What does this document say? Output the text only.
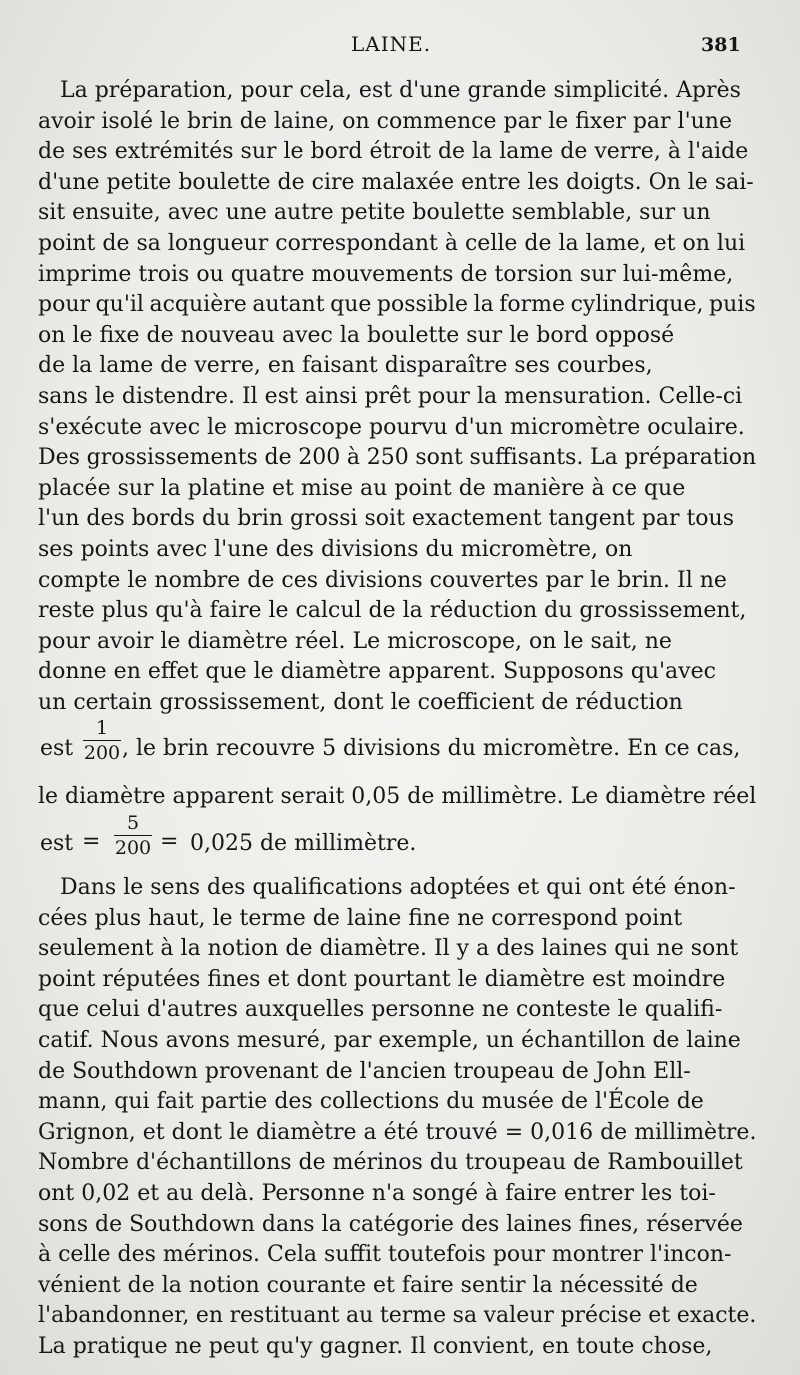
LAINE.	381
La préparation, pour cela, est d'une grande simplicité. Après
avoir isolé le brin de laine, on commence par le fixer par l'une
de ses extrémités sur le bord étroit de la lame de verre, à l'aide
d'une petite boulette de cire malaxée entre les doigts. On le sai-
sit ensuite, avec une autre petite boulette semblable, sur un
point de sa longueur correspondant à celle de la lame, et on lui
imprime trois ou quatre mouvements de torsion sur lui-même,
pour qu'il acquière autant que possible la forme cylindrique, puis
on le fixe de nouveau avec la boulette sur le bord opposé
de la lame de verre, en faisant disparaître ses courbes,
sans le distendre. Il est ainsi prêt pour la mensuration. Celle-ci
s'exécute avec le microscope pourvu d'un micromètre oculaire.
Des grossissements de 200 à 250 sont suffisants. La préparation
placée sur la platine et mise au point de manière à ce que
l'un des bords du brin grossi soit exactement tangent par tous
ses points avec l'une des divisions du micromètre, on
compte le nombre de ces divisions couvertes par le brin. Il ne
reste plus qu'à faire le calcul de la réduction du grossissement,
pour avoir le diamètre réel. Le microscope, on le sait, ne
donne en effet que le diamètre apparent. Supposons qu'avec
un certain grossissement, dont le coefficient de réduction
est
1
200 , le brin recouvre 5 divisions du micromètre. En ce cas,
le diamètre apparent serait 0,05 de millimètre. Le diamètre réel
est =
5
200 = 0,025 de millimètre.
Dans le sens des qualifications adoptées et qui ont été énon-
cées plus haut, le terme de laine fine ne correspond point
seulement à la notion de diamètre. Il y a des laines qui ne sont
point réputées fines et dont pourtant le diamètre est moindre
que celui d'autres auxquelles personne ne conteste le qualifi-
catif. Nous avons mesuré, par exemple, un échantillon de laine
de Southdown provenant de l'ancien troupeau de John Ell-
mann, qui fait partie des collections du musée de l'École de
Grignon, et dont le diamètre a été trouvé = 0,016 de millimètre.
Nombre d'échantillons de mérinos du troupeau de Rambouillet
ont 0,02 et au delà. Personne n'a songé à faire entrer les toi-
sons de Southdown dans la catégorie des laines fines, réservée
à celle des mérinos. Cela suffit toutefois pour montrer l'incon-
vénient de la notion courante et faire sentir la nécessité de
l'abandonner, en restituant au terme sa valeur précise et exacte.
La pratique ne peut qu'y gagner. Il convient, en toute chose,
